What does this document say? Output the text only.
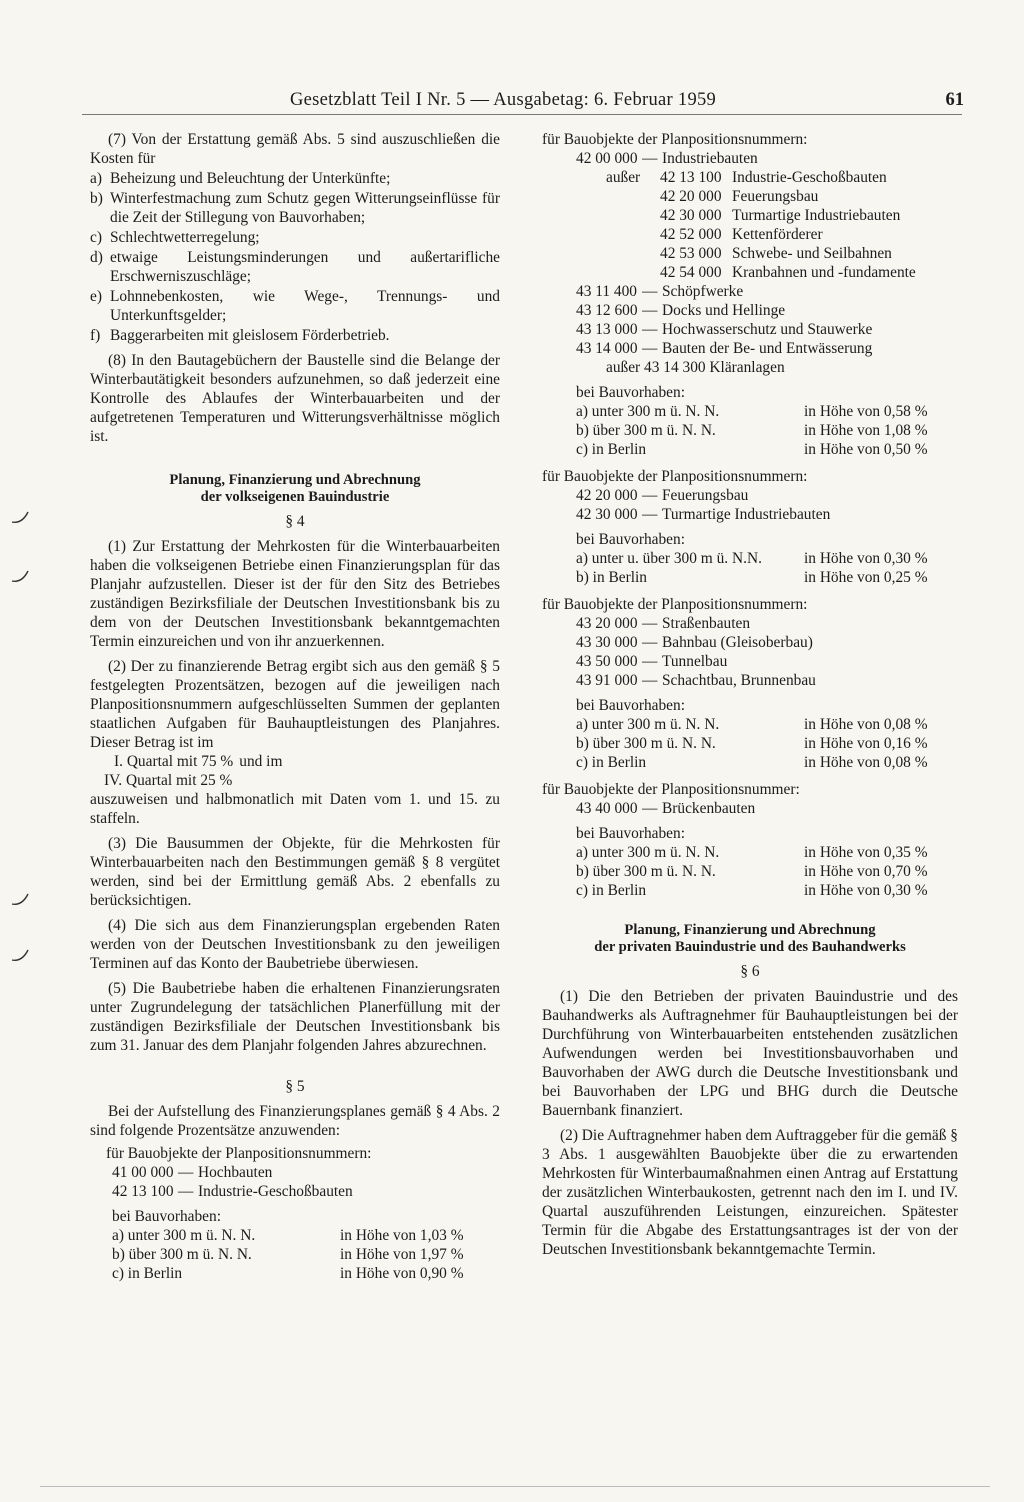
Gesetzblatt Teil I Nr. 5 — Ausgabetag: 6. Februar 1959	61

(7) Von der Erstattung gemäß Abs. 5 sind auszuschließen die Kosten für

a) Beheizung und Beleuchtung der Unterkünfte;
b) Winterfestmachung zum Schutz gegen Witterungseinflüsse für die Zeit der Stillegung von Bauvorhaben;
c) Schlechtwetterregelung;
d) etwaige Leistungsminderungen und außertarifliche Erschwerniszuschläge;
e) Lohnnebenkosten, wie Wege-, Trennungs- und Unterkunftsgelder;
f) Baggerarbeiten mit gleislosem Förderbetrieb.

(8) In den Bautagebüchern der Baustelle sind die Belange der Winterbautätigkeit besonders aufzunehmen, so daß jederzeit eine Kontrolle des Ablaufes der Winterbauarbeiten und der aufgetretenen Temperaturen und Witterungsverhältnisse möglich ist.

Planung, Finanzierung und Abrechnung
der volkseigenen Bauindustrie
§ 4

(1) Zur Erstattung der Mehrkosten für die Winterbauarbeiten haben die volkseigenen Betriebe einen Finanzierungsplan für das Planjahr aufzustellen. Dieser ist der für den Sitz des Betriebes zuständigen Bezirksfiliale der Deutschen Investitionsbank bis zu dem von der Deutschen Investitionsbank bekanntgemachten Termin einzureichen und von ihr anzuerkennen.

(2) Der zu finanzierende Betrag ergibt sich aus den gemäß § 5 festgelegten Prozentsätzen, bezogen auf die jeweiligen nach Planpositionsnummern aufgeschlüsselten Summen der geplanten staatlichen Aufgaben für Bauhauptleistungen des Planjahres. Dieser Betrag ist im

I. Quartal mit 75 % und im
IV. Quartal mit 25 %

auszuweisen und halbmonatlich mit Daten vom 1. und 15. zu staffeln.

(3) Die Bausummen der Objekte, für die Mehrkosten für Winterbauarbeiten nach den Bestimmungen gemäß § 8 vergütet werden, sind bei der Ermittlung gemäß Abs. 2 ebenfalls zu berücksichtigen.

(4) Die sich aus dem Finanzierungsplan ergebenden Raten werden von der Deutschen Investitionsbank zu den jeweiligen Terminen auf das Konto der Baubetriebe überwiesen.

(5) Die Baubetriebe haben die erhaltenen Finanzierungsraten unter Zugrundelegung der tatsächlichen Planerfüllung mit der zuständigen Bezirksfiliale der Deutschen Investitionsbank bis zum 31. Januar des dem Planjahr folgenden Jahres abzurechnen.

§ 5

Bei der Aufstellung des Finanzierungsplanes gemäß § 4 Abs. 2 sind folgende Prozentsätze anzuwenden:

für Bauobjekte der Planpositionsnummern:
41 00 000 — Hochbauten
42 13 100 — Industrie-Geschoßbauten
bei Bauvorhaben:
a) unter 300 m ü. N. N.	in Höhe von 1,03 %
b) über 300 m ü. N. N.	in Höhe von 1,97 %
c) in Berlin	in Höhe von 0,90 %
für Bauobjekte der Planpositionsnummern:
42 00 000 — Industriebauten
außer	42 13 100 Industrie-Geschoßbauten
42 20 000 Feuerungsbau
42 30 000 Turmartige Industriebauten
42 52 000 Kettenförderer
42 53 000 Schwebe- und Seilbahnen
42 54 000 Kranbahnen und -fundamente
43 11 400 — Schöpfwerke
43 12 600 — Docks und Hellinge
43 13 000 — Hochwasserschutz und Stauwerke
43 14 000 — Bauten der Be- und Entwässerung
außer 43 14 300 Kläranlagen
bei Bauvorhaben:
a) unter 300 m ü. N. N.	in Höhe von 0,58 %
b) über 300 m ü. N. N.	in Höhe von 1,08 %
c) in Berlin	in Höhe von 0,50 %
für Bauobjekte der Planpositionsnummern:
42 20 000 — Feuerungsbau
42 30 000 — Turmartige Industriebauten
bei Bauvorhaben:
a) unter u. über 300 m ü. N.N.	in Höhe von 0,30 %
b) in Berlin	in Höhe von 0,25 %
für Bauobjekte der Planpositionsnummern:
43 20 000 — Straßenbauten
43 30 000 — Bahnbau (Gleisoberbau)
43 50 000 — Tunnelbau
43 91 000 — Schachtbau, Brunnenbau
bei Bauvorhaben:
a) unter 300 m ü. N. N.	in Höhe von 0,08 %
b) über 300 m ü. N. N.	in Höhe von 0,16 %
c) in Berlin	in Höhe von 0,08 %
für Bauobjekte der Planpositionsnummer:
43 40 000 — Brückenbauten
bei Bauvorhaben:
a) unter 300 m ü. N. N.	in Höhe von 0,35 %
b) über 300 m ü. N. N.	in Höhe von 0,70 %
c) in Berlin	in Höhe von 0,30 %
Planung, Finanzierung und Abrechnung
der privaten Bauindustrie und des Bauhandwerks
§ 6

(1) Die den Betrieben der privaten Bauindustrie und des Bauhandwerks als Auftragnehmer für Bauhauptleistungen bei der Durchführung von Winterbauarbeiten entstehenden zusätzlichen Aufwendungen werden bei Investitionsbauvorhaben und Bauvorhaben der AWG durch die Deutsche Investitionsbank und bei Bauvorhaben der LPG und BHG durch die Deutsche Bauernbank finanziert.

(2) Die Auftragnehmer haben dem Auftraggeber für die gemäß § 3 Abs. 1 ausgewählten Bauobjekte über die zu erwartenden Mehrkosten für Winterbaumaßnahmen einen Antrag auf Erstattung der zusätzlichen Winterbaukosten, getrennt nach den im I. und IV. Quartal auszuführenden Leistungen, einzureichen. Spätester Termin für die Abgabe des Erstattungsantrages ist der von der Deutschen Investitionsbank bekanntgemachte Termin.
